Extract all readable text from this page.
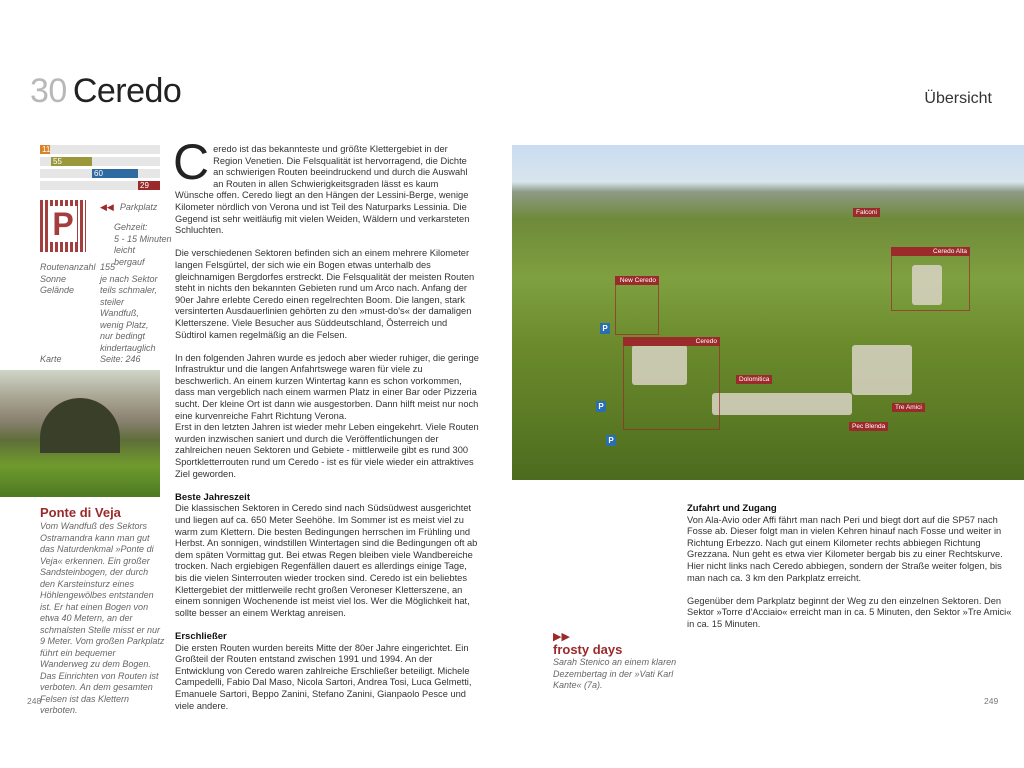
30 Ceredo	Übersicht
11
55
60
29
P	◀◀ Parkplatz
Gehzeit:
5 - 15 Minuten
leicht bergauf
Routenanzahl	155
Sonne	je nach Sektor
Gelände	teils schmaler, steiler Wandfuß, wenig Platz, nur bedingt kindertauglich
Karte	Seite: 246
Ponte di Veja
Vom Wandfuß des Sektors Ostramandra kann man gut das Naturdenkmal »Ponte di Veja« erkennen. Ein großer Sandsteinbogen, der durch den Karsteinsturz eines Höhlengewölbes entstanden ist. Er hat einen Bogen von etwa 40 Metern, an der schmalsten Stelle misst er nur 9 Meter. Vom großen Parkplatz führt ein bequemer Wanderweg zu dem Bogen. Das Einrichten von Routen ist verboten. An dem gesamten Felsen ist das Klettern verboten.
248

Ceredo ist das bekannteste und größte Klettergebiet in der Region Venetien. Die Felsqualität ist hervorragend, die Dichte an schwierigen Routen beeindruckend und durch die Auswahl an Routen in allen Schwierigkeitsgraden lässt es kaum Wünsche offen. Ceredo liegt an den Hängen der Lessini-Berge, wenige Kilometer nördlich von Verona und ist Teil des Naturparks Lessinia. Die Gegend ist sehr weitläufig mit vielen Weiden, Wäldern und verkarsteten Schluchten.

Die verschiedenen Sektoren befinden sich an einem mehrere Kilometer langen Felsgürtel, der sich wie ein Bogen etwas unterhalb des gleichnamigen Bergdorfes erstreckt. Die Felsqualität der meisten Routen steht in nichts den bekannten Gebieten rund um Arco nach. Anfang der 90er Jahre erlebte Ceredo einen regelrechten Boom. Die langen, stark versinterten Ausdauerlinien gehörten zu den »must-do's« der damaligen Kletterszene. Viele Besucher aus Süddeutschland, Österreich und Südtirol kamen regelmäßig an die Felsen.

In den folgenden Jahren wurde es jedoch aber wieder ruhiger, die geringe Infrastruktur und die langen Anfahrtswege waren für viele zu beschwerlich. An einem kurzen Wintertag kann es schon vorkommen, dass man vergeblich nach einem warmen Platz in einer Bar oder Pizzeria sucht. Der kleine Ort ist dann wie ausgestorben. Dann hilft meist nur noch eine kurvenreiche Fahrt Richtung Verona.

Erst in den letzten Jahren ist wieder mehr Leben eingekehrt. Viele Routen wurden inzwischen saniert und durch die Veröffentlichungen der zahlreichen neuen Sektoren und Gebiete - mittlerweile gibt es rund 300 Sportkletterrouten rund um Ceredo - ist es für viele wieder ein attraktives Ziel geworden.

Beste Jahreszeit

Die klassischen Sektoren in Ceredo sind nach Südsüdwest ausgerichtet und liegen auf ca. 650 Meter Seehöhe. Im Sommer ist es meist viel zu warm zum Klettern. Die besten Bedingungen herrschen im Frühling und Herbst. An sonnigen, windstillen Wintertagen sind die Bedingungen oft ab dem späten Vormittag gut. Bei etwas Regen bleiben viele Wandbereiche trocken. Nach ergiebigen Regenfällen dauert es allerdings einige Tage, bis die vielen Sinterrouten wieder trocken sind. Ceredo ist ein beliebtes Klettergebiet der mittlerweile recht großen Veroneser Kletterszene, an einem sonnigen Wochenende ist meist viel los. Wer die Möglichkeit hat, sollte besser an einem Werktag anreisen.

Erschließer

Die ersten Routen wurden bereits Mitte der 80er Jahre eingerichtet. Ein Großteil der Routen entstand zwischen 1991 und 1994. An der Entwicklung von Ceredo waren zahlreiche Erschließer beteiligt. Michele Campedelli, Fabio Dal Maso, Nicola Sartori, Andrea Tosi, Luca Gelmetti, Emanuele Sartori, Beppo Zanini, Stefano Zanini, Gianpaolo Pesce und viele andere.

Falconi
Ceredo Alta
New Ceredo
Ceredo
Dolomitica
Tre Amici
Pec Blenda
P
P
P
Zufahrt und Zugang

Von Ala-Avio oder Affi fährt man nach Peri und biegt dort auf die SP57 nach Fosse ab. Dieser folgt man in vielen Kehren hinauf nach Fosse und weiter in Richtung Erbezzo. Nach gut einem Kilometer rechts abbiegen Richtung Grezzana. Nun geht es etwa vier Kilometer bergab bis zu einer Rechtskurve. Hier nicht links nach Ceredo abbiegen, sondern der Straße weiter folgen, bis man nach ca. 3 km den Parkplatz erreicht.

Gegenüber dem Parkplatz beginnt der Weg zu den einzelnen Sektoren. Den Sektor »Torre d'Acciaio« erreicht man in ca. 5 Minuten, den Sektor »Tre Amici« in ca. 15 Minuten.

▶▶
frosty days
Sarah Stenico an einem klaren Dezembertag in der »Vati Karl Kante« (7a).
249
